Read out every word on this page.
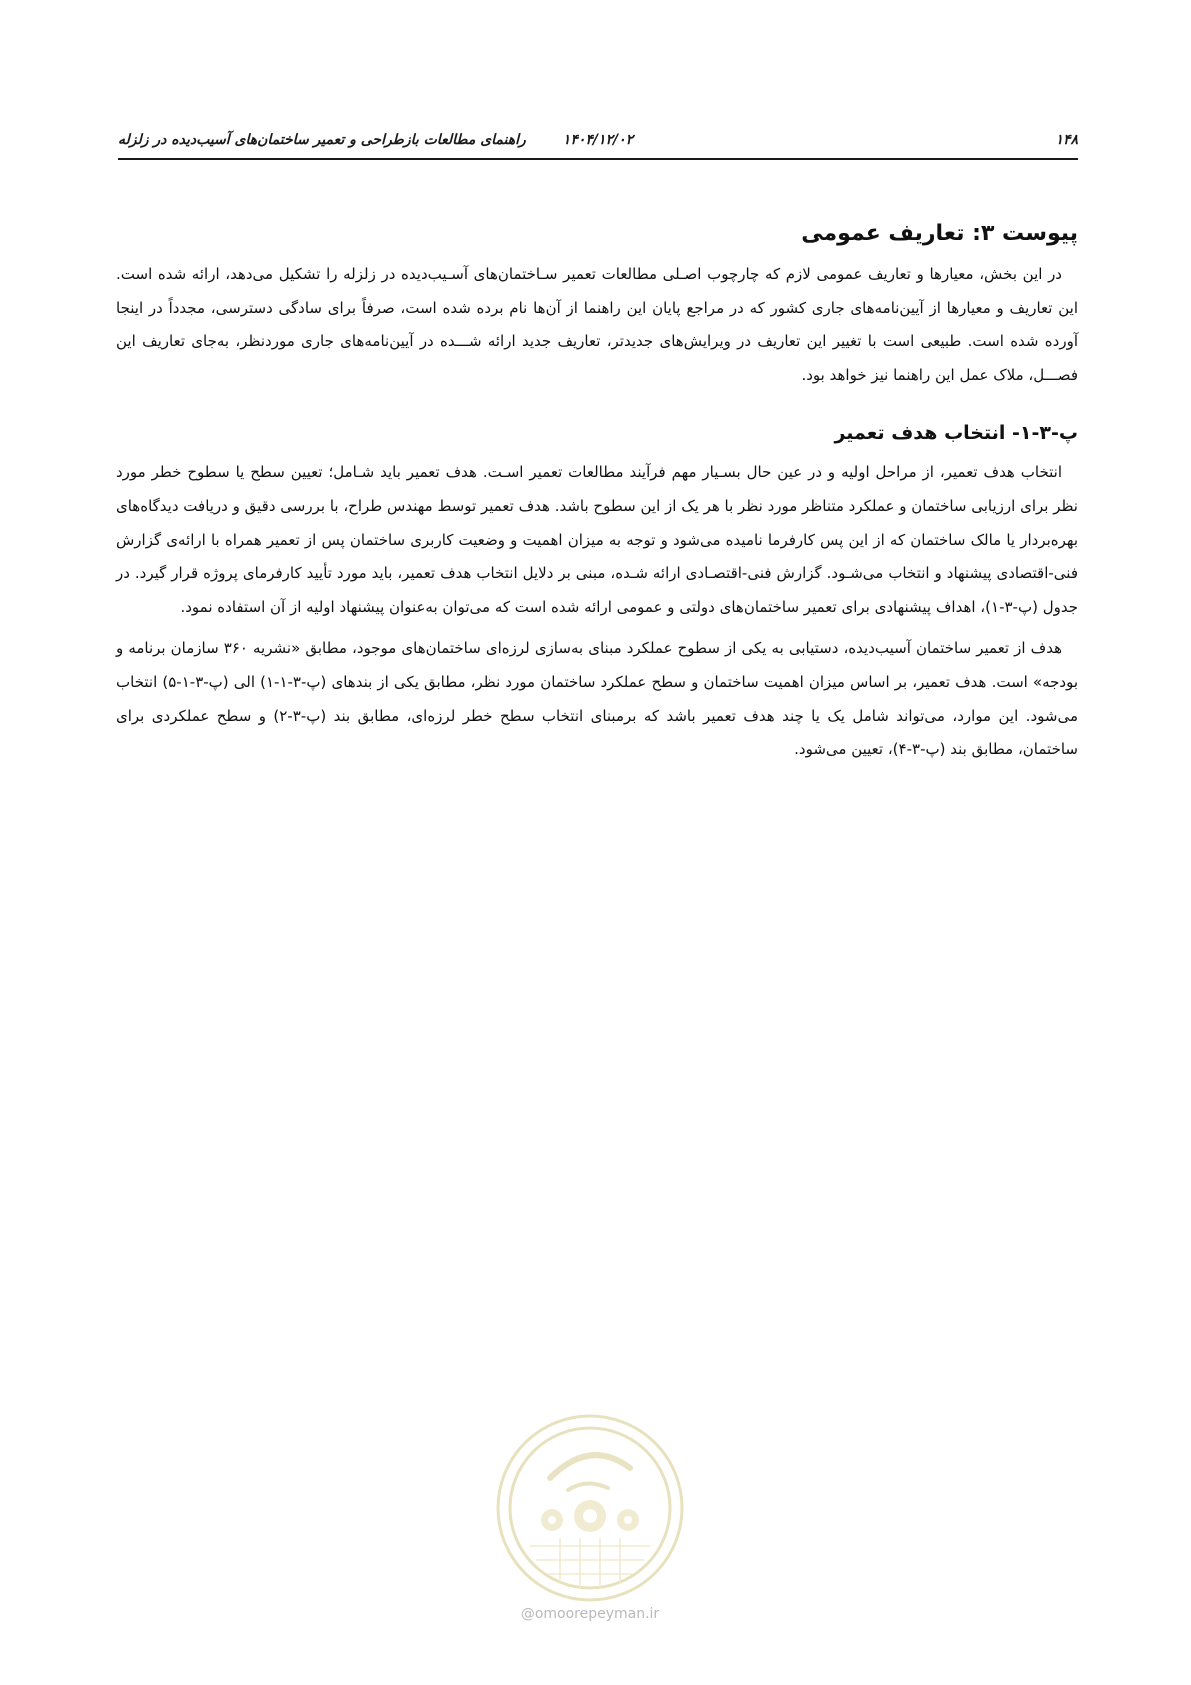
۱۴۸
۱۴۰۴/۱۲/۰۲
راهنمای مطالعات بازطراحی و تعمیر ساختمان‌های آسیب‌دیده در زلزله
پیوست ۳: تعاریف عمومی

در این بخش، معیارها و تعاریف عمومی لازم که چارچوب اصـلی مطالعات تعمیر سـاختمان‌های آسـیب‌دیده در زلزله را تشکیل می‌دهد، ارائه شده است. این تعاریف و معیارها از آیین‌نامه‌های جاری کشور که در مراجع پایان این راهنما از آن‌ها نام برده شده است، صرفاً برای سادگی دسترسی، مجدداً در اینجا آورده شده است. طبیعی است با تغییر این تعاریف در ویرایش‌های جدیدتر، تعاریف جدید ارائه شـــده در آیین‌نامه‌های جاری موردنظر، به‌جای تعاریف این فصـــل، ملاک عمل این راهنما نیز خواهد بود.

پ-۳-۱- انتخاب هدف تعمیر

انتخاب هدف تعمیر، از مراحل اولیه و در عین حال بسـیار مهم فرآیند مطالعات تعمیر اسـت. هدف تعمیر باید شـامل؛ تعیین سطح یا سطوح خطر مورد نظر برای ارزیابی ساختمان و عملکرد متناظر مورد نظر با هر یک از این سطوح باشد. هدف تعمیر توسط مهندس طراح، با بررسی دقیق و دریافت دیدگاه‌های بهره‌بردار یا مالک ساختمان که از این پس کارفرما نامیده می‌شود و توجه به میزان اهمیت و وضعیت کاربری ساختمان پس از تعمیر همراه با ارائه‌ی گزارش فنی-اقتصادی پیشنهاد و انتخاب می‌شـود. گزارش فنی-اقتصـادی ارائه شـده، مبنی بر دلایل انتخاب هدف تعمیر، باید مورد تأیید کارفرمای پروژه قرار گیرد. در جدول (پ-۳-۱)، اهداف پیشنهادی برای تعمیر ساختمان‌های دولتی و عمومی ارائه شده است که می‌توان به‌عنوان پیشنهاد اولیه از آن استفاده نمود.

هدف از تعمیر ساختمان آسیب‌دیده، دستیابی به یکی از سطوح عملکرد مبنای به‌سازی لرزه‌ای ساختمان‌های موجود، مطابق «نشریه ۳۶۰ سازمان برنامه و بودجه» است. هدف تعمیر، بر اساس میزان اهمیت ساختمان و سطح عملکرد ساختمان مورد نظر، مطابق یکی از بندهای (پ-۳-۱-۱) الی (پ-۳-۱-۵) انتخاب می‌شود. این موارد، می‌تواند شامل یک یا چند هدف تعمیر باشد که برمبنای انتخاب سطح خطر لرزه‌ای، مطابق بند (پ-۳-۲) و سطح عملکردی برای ساختمان، مطابق بند (پ-۳-۴)، تعیین می‌شود.

@omoorepeyman.ir
